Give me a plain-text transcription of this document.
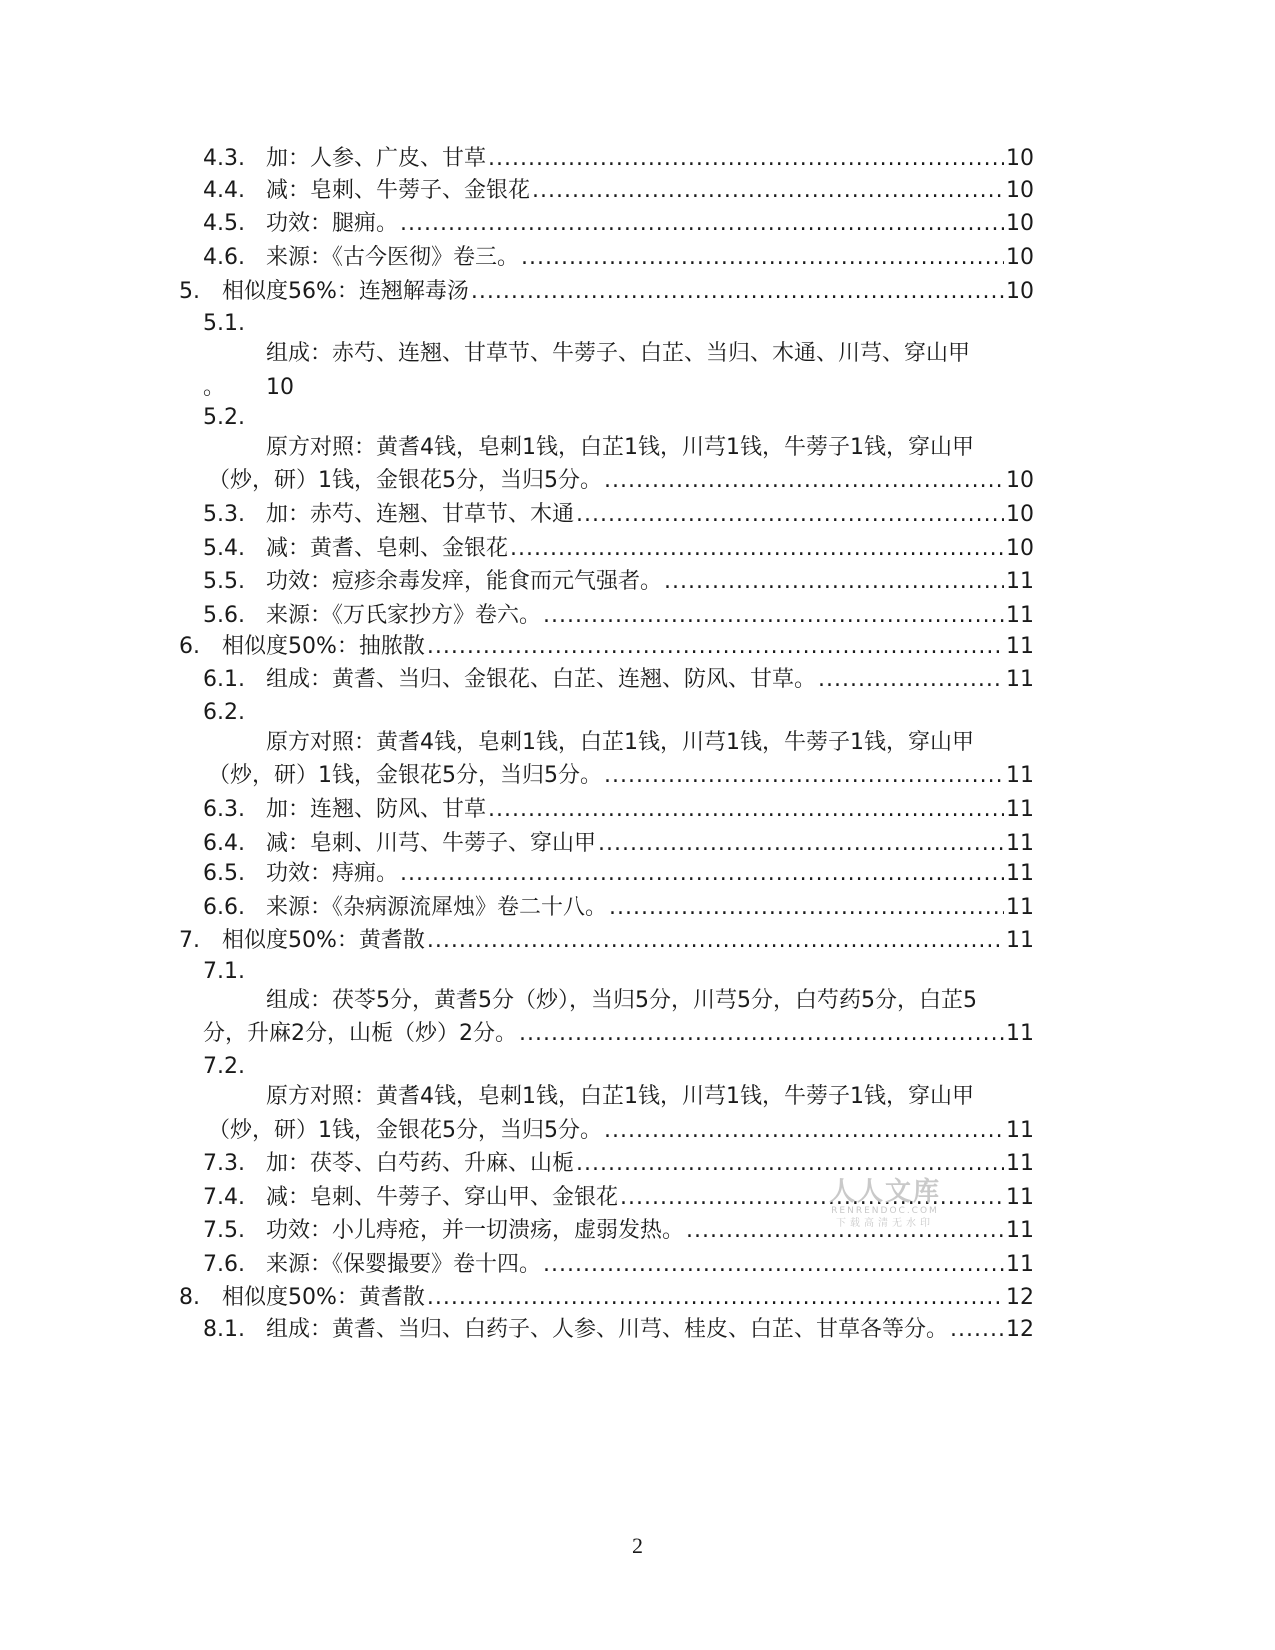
4.3. 加：人参、广皮、甘草 .....	10
4.4. 减：皂刺、牛蒡子、金银花 .....	10
4.5. 功效：腿痈。 .....	10
4.6. 来源：《古今医彻》卷三。 .....	10
5. 相似度56%：连翘解毒汤 .....	10
5.1.
组成：赤芍、连翘、甘草节、牛蒡子、白芷、当归、木通、川芎、穿山甲
。 10
5.2.
原方对照：黄耆4钱，皂刺1钱，白芷1钱，川芎1钱，牛蒡子1钱，穿山甲
（炒，研）1钱，金银花5分，当归5分。 .....	10
5.3. 加：赤芍、连翘、甘草节、木通 .....	10
5.4. 减：黄耆、皂刺、金银花 .....	10
5.5. 功效：痘疹余毒发痒，能食而元气强者。 .....	11
5.6. 来源：《万氏家抄方》卷六。 .....	11
6. 相似度50%：抽脓散 .....	11
6.1. 组成：黄耆、当归、金银花、白芷、连翘、防风、甘草。 .....	11
6.2.
原方对照：黄耆4钱，皂刺1钱，白芷1钱，川芎1钱，牛蒡子1钱，穿山甲
（炒，研）1钱，金银花5分，当归5分。 .....	11
6.3. 加：连翘、防风、甘草 .....	11
6.4. 减：皂刺、川芎、牛蒡子、穿山甲 .....	11
6.5. 功效：痔痈。 .....	11
6.6. 来源：《杂病源流犀烛》卷二十八。 .....	11
7. 相似度50%：黄耆散 .....	11
7.1.
组成：茯苓5分，黄耆5分（炒），当归5分，川芎5分，白芍药5分，白芷5
分，升麻2分，山栀（炒）2分。 .....	11
7.2.
原方对照：黄耆4钱，皂刺1钱，白芷1钱，川芎1钱，牛蒡子1钱，穿山甲
（炒，研）1钱，金银花5分，当归5分。 .....	11
7.3. 加：茯苓、白芍药、升麻、山栀 .....	11
7.4. 减：皂刺、牛蒡子、穿山甲、金银花 .....	11
7.5. 功效：小儿痔疮，并一切溃疡，虚弱发热。 .....	11
7.6. 来源：《保婴撮要》卷十四。 .....	11
8. 相似度50%：黄耆散 .....	12
8.1. 组成：黄耆、当归、白药子、人参、川芎、桂皮、白芷、甘草各等分。 .....	12
人人文库
RENRENDOC.COM
下载高清无水印
2
